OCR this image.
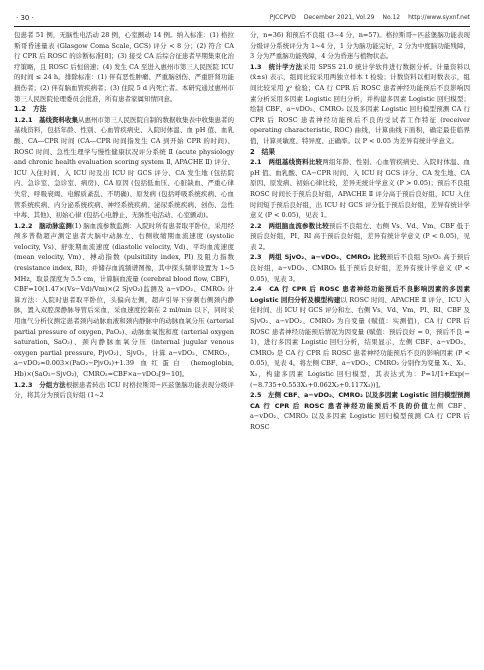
· 30 ·	PJCCPVD December 2021, Vol.29 No.12 http://www.syxnf.net

包患者 51 例，无脑性电活动 28 例，心室颤动 14 例。纳入标准：(1) 格拉斯哥昏迷量表 (Glasgow Coma Scale, GCS) 评分 < 8 分；(2) 符合 CA 行 CPR 后 ROSC 的诊断标准[8]；(3) 接受 CA 后综合征患者早期集束化治疗策略，且 ROSC 后恒倍速；(4) 发生 CA 至进入惠州市第三人民医院 ICU 的时间 ≤ 24 h。排除标准：(1) 伴有恶性肿瘤、严重脑创伤、严重肝肾功能损伤者；(2) 伴有脑血管疾病者；(3) 住院 5 d 内死亡者。本研究通过惠州市第三人民医院伦理委员会批准，所有患者家属知情同意。

1.2　方法

1.2.1　基线资料收集从惠州市第三人民医院自制的数据收集表中收集患者的基线资料，包括年龄、性别、心血管疾病史、入院时体温、血 pH 值、血乳酸、CA—CPR 时间 (CA—CPR 时间指发生 CA 到开始 CPR 的时间)、ROSC 时间、急性生理学与慢性健康状况评分系统 Ⅱ (acute physiology and chronic health evaluation scoring system Ⅱ, APACHE Ⅱ) 评分、ICU 入住时间、入 ICU 时及出 ICU 时 GCS 评分、CA 发生地 (包括院内、急诊室、急诊室、病房)、CA 原因 (包括低血压、心脏缺血、严重心律失常、呼吸衰竭、电解质紊乱、不明确)、原发病 (包括呼吸系统疾病、心血管系统疾病、内分泌系统疾病、神经系统疾病、泌尿系统疾病、创伤、急性中毒、其他)、初始心律 (包括心电静止、无脉性电活动、心室颤动)。

1.2.2　脑动脉监测(1) 脑血流参数监测：入院时所有患者取平卧位，采用经颅多普勒超声测定患者大脑中动脉左、右侧收缩期血流速度 (systolic velocity, Vs)、舒张期血流速度 (diastolic velocity, Vd)、平均血流速度 (mean velocity, Vm)、搏动指数 (pulsitility index, PI) 及阻力指数 (resistance index, RI)，并储存血流频谱图像，其中探头频率设置为 1~5 MHz，取景深度为 5.5 cm，计算脑血流量 (cerebral blood flow, CBF)，CBF=10(1.47×(Vs−Vd)/Vm)×(2 SjvO₂)监测及 a−vDO₂、CMRO₂ 计算方法：入院时患者取平卧位，头偏向左侧，超声引导下穿刺右侧颈内静脉，置入双腔深静脉导管后采血，采血速度控制在 2 ml/min 以下，同时采用血气分析仪测定患者颈内动脉血液和颈内静脉中的动脉血氧分压 (arterial partial pressure of oxygen, PaO₂)、动脉血氧饱和度 (arterial oxygen saturation, SaO₂)、颈内静脉血氧分压 (internal jugular venous oxygen partial pressure, PjvO₂)、SjvO₂，计算 a−vDO₂、CMRO₂，a−vDO₂=0.003×(PaO₂−PjvO₂)+1.39 血红蛋白 (hemoglobin, Hb)×(SaO₂−SjvO₂)，CMRO₂=CBF×a−vDO₂[9−10]。

1.2.3　分组方法根据患者转出 ICU 时格拉斯哥−匹兹堡脑功能表现分级评分，将其分为预后良好组 (1~2

分，n=36) 和预后不良组 (3~4 分，n=57)。格拉斯哥−匹兹堡脑功能表现分级评分系统评分为 1~4 分，1 分为脑功能完好，2 分为中度脑功能残障，3 分为严重脑功能残障，4 分为昏迷与植物状态。

1.3　统计学方法采用 SPSS 21.0 统计学软件进行数据分析。计量资料以 (x̄±s) 表示，组间比较采用两独立样本 t 检验；计数资料以相对数表示，组间比较采用 χ² 检验；CA 行 CPR 后 ROSC 患者神经功能预后不良影响因素分析采用多因素 Logistic 回归分析，并构建多因素 Logistic 回归模型；绘制 CBF、a−vDO₂、CMRO₂ 以及多因素 Logistic 回归模型预测 CA 行 CPR 后 ROSC 患者神经功能预后不良的受试者工作特征 (receiver operating characteristic, ROC) 曲线，计算曲线下面积，确定最佳临界值，计算灵敏度、特异度、正确率。以 P < 0.05 为差异有统计学意义。

2　结果

2.1　两组基线资料比较两组年龄、性别、心血管疾病史、入院时体温、血 pH 值、血乳酸、CA−CPR 时间、入 ICU 时 GCS 评分、CA 发生地、CA 原因、原发病、初始心律比较，差异无统计学意义 (P > 0.05)；预后不良组 ROSC 时间长于预后良好组，APACHE Ⅱ 评分高于预后良好组，ICU 入住时间短于预后良好组，出 ICU 时 GCS 评分低于预后良好组，差异有统计学意义 (P < 0.05)，见表 1。

2.2　两组脑血流参数比较预后不良组左、右侧 Vs、Vd、Vm、CBF 低于预后良好组，PI、RI 高于预后良好组，差异有统计学意义 (P < 0.05)，见表 2。

2.3　两组 SjvO₂、a−vDO₂、CMRO₂ 比较预后不良组 SjvO₂ 高于预后良好组，a−vDO₂、CMRO₂ 低于预后良好组，差异有统计学意义 (P < 0.05)，见表 3。

2.4　CA 行 CPR 后 ROSC 患者神经功能预后不良影响因素的多因素 Logistic 回归分析及模型构建以 ROSC 时间、APACHE Ⅱ 评分、ICU 入住时间、出 ICU 时 GCS 评分和左、右侧 Vs、Vd、Vm、PI、RI、CBF 及 SjvO₂、a−vDO₂、CMRO₂ 为自变量 (赋值：实测值)，CA 行 CPR 后 ROSC 患者神经功能预后情况为因变量 (赋值：预后良好 = 0，预后不良 = 1)，进行多因素 Logistic 回归分析，结果显示，左侧 CBF、a−vDO₂、CMRO₂ 是 CA 行 CPR 后 ROSC 患者神经功能预后不良的影响因素 (P < 0.05)，见表 4。将左侧 CBF、a−vDO₂、CMRO₂ 分别作为变量 X₁、X₂、X₃，构建多因素 Logistic 回归模型，其表达式为：P=1/[1+Exp(−(−8.735+0.553X₁+0.062X₂+0.117X₃))]。

2.5　左侧 CBF、a−vDO₂、CMRO₂ 以及多因素 Logistic 回归模型预测 CA 行 CPR 后 ROSC 患者神经功能预后不良的价值左侧 CBF、a−vDO₂、CMRO₂ 以及多因素 Logistic 回归模型预测 CA 行 CPR 后 ROSC
